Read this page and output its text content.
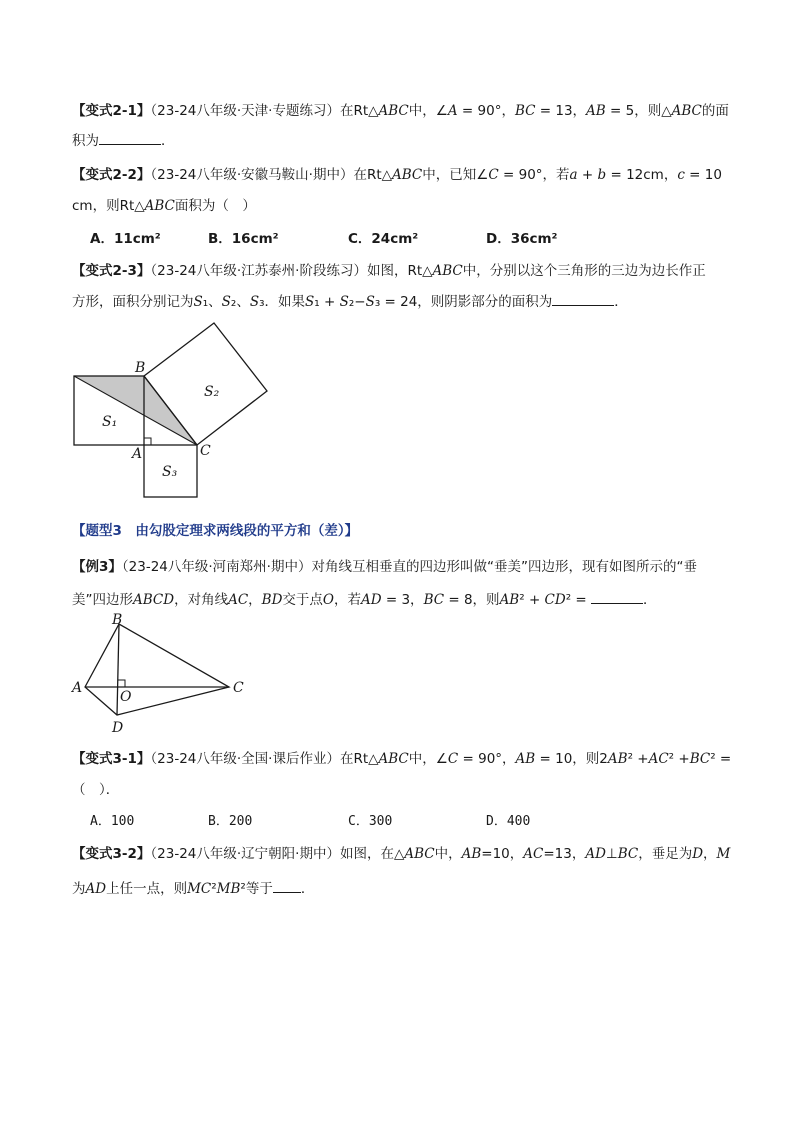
【变式2-1】（23-24八年级·天津·专题练习）在Rt△ABC中，∠A = 90°，BC = 13，AB = 5，则△ABC的面
积为	．
【变式2-2】（23-24八年级·安徽马鞍山·期中）在Rt△ABC中，已知∠C = 90°，若a + b = 12cm，c = 10
cm，则Rt△ABC面积为（　）
A．11cm²	B．16cm²	C．24cm²	D．36cm²
【变式2-3】（23-24八年级·江苏泰州·阶段练习）如图，Rt△ABC中，分别以这个三角形的三边为边长作正
方形，面积分别记为S₁、S₂、S₃．如果S₁ + S₂−S₃ = 24，则阴影部分的面积为	．
B
A	C
S₁
S₂
S₃
【题型3　由勾股定理求两线段的平方和（差）】
【例3】（23-24八年级·河南郑州·期中）对角线互相垂直的四边形叫做“垂美”四边形，现有如图所示的“垂
美”四边形ABCD，对角线AC，BD交于点O，若AD = 3，BC = 8，则AB² + CD² =	．
B
A	C
D
O
【变式3-1】（23-24八年级·全国·课后作业）在Rt△ABC中，∠C = 90°，AB = 10，则2AB² +AC² +BC² =
（　）．
A．100	B．200	C．300	D．400
【变式3-2】（23-24八年级·辽宁朝阳·期中）如图，在△ABC中，AB=10，AC=13，AD⊥BC，垂足为D，M
为AD上任一点，则MC²MB²等于 ．
